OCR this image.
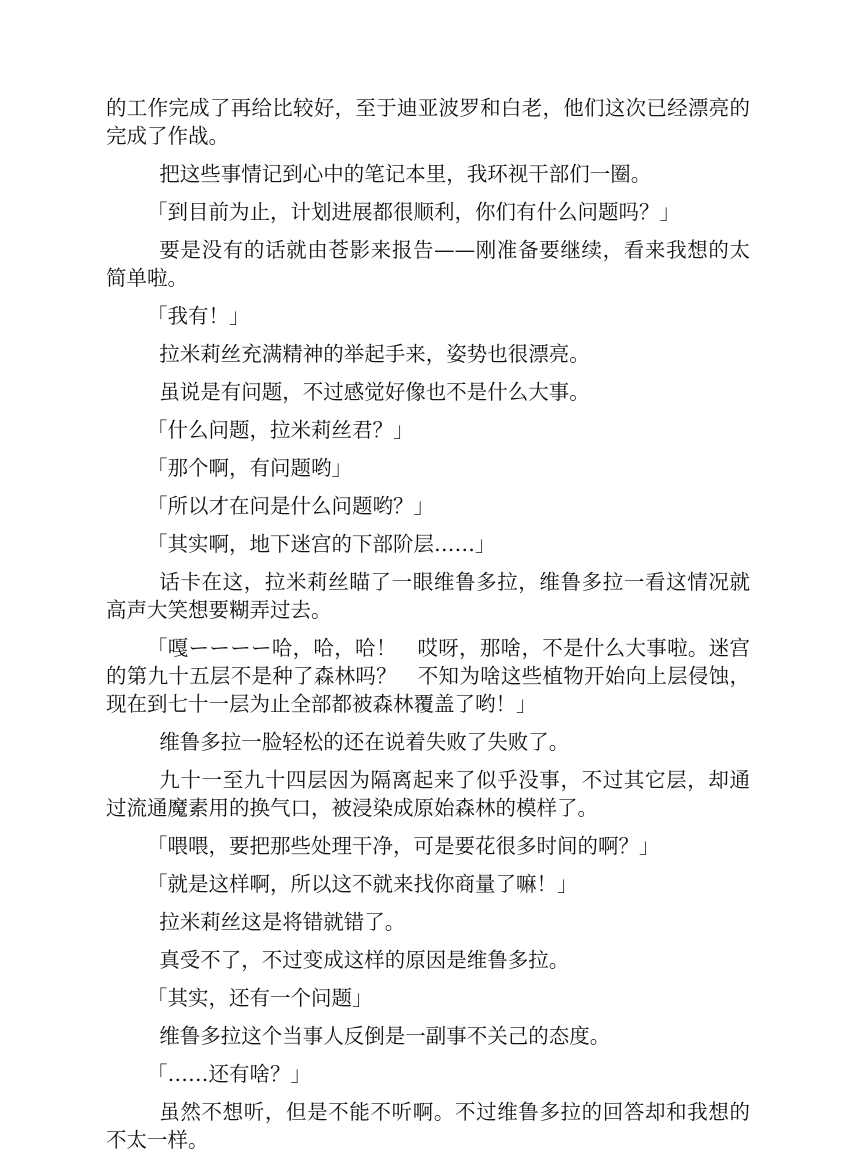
的工作完成了再给比较好，至于迪亚波罗和白老，他们这次已经漂亮的完成了作战。

把这些事情记到心中的笔记本里，我环视干部们一圈。

「到目前为止，计划进展都很顺利，你们有什么问题吗？」

要是没有的话就由苍影来报告——刚准备要继续，看来我想的太简单啦。

「我有！」

拉米莉丝充满精神的举起手来，姿势也很漂亮。

虽说是有问题，不过感觉好像也不是什么大事。

「什么问题，拉米莉丝君？」

「那个啊，有问题哟」

「所以才在问是什么问题哟？」

「其实啊，地下迷宫的下部阶层……」

话卡在这，拉米莉丝瞄了一眼维鲁多拉，维鲁多拉一看这情况就高声大笑想要糊弄过去。

「嘎ーーーー哈，哈，哈！　哎呀，那啥，不是什么大事啦。迷宫的第九十五层不是种了森林吗？　不知为啥这些植物开始向上层侵蚀，现在到七十一层为止全部都被森林覆盖了哟！」

维鲁多拉一脸轻松的还在说着失败了失败了。

九十一至九十四层因为隔离起来了似乎没事，不过其它层，却通过流通魔素用的换气口，被浸染成原始森林的模样了。

「喂喂，要把那些处理干净，可是要花很多时间的啊？」

「就是这样啊，所以这不就来找你商量了嘛！」

拉米莉丝这是将错就错了。

真受不了，不过变成这样的原因是维鲁多拉。

「其实，还有一个问题」

维鲁多拉这个当事人反倒是一副事不关己的态度。

「……还有啥？」

虽然不想听，但是不能不听啊。不过维鲁多拉的回答却和我想的不太一样。
